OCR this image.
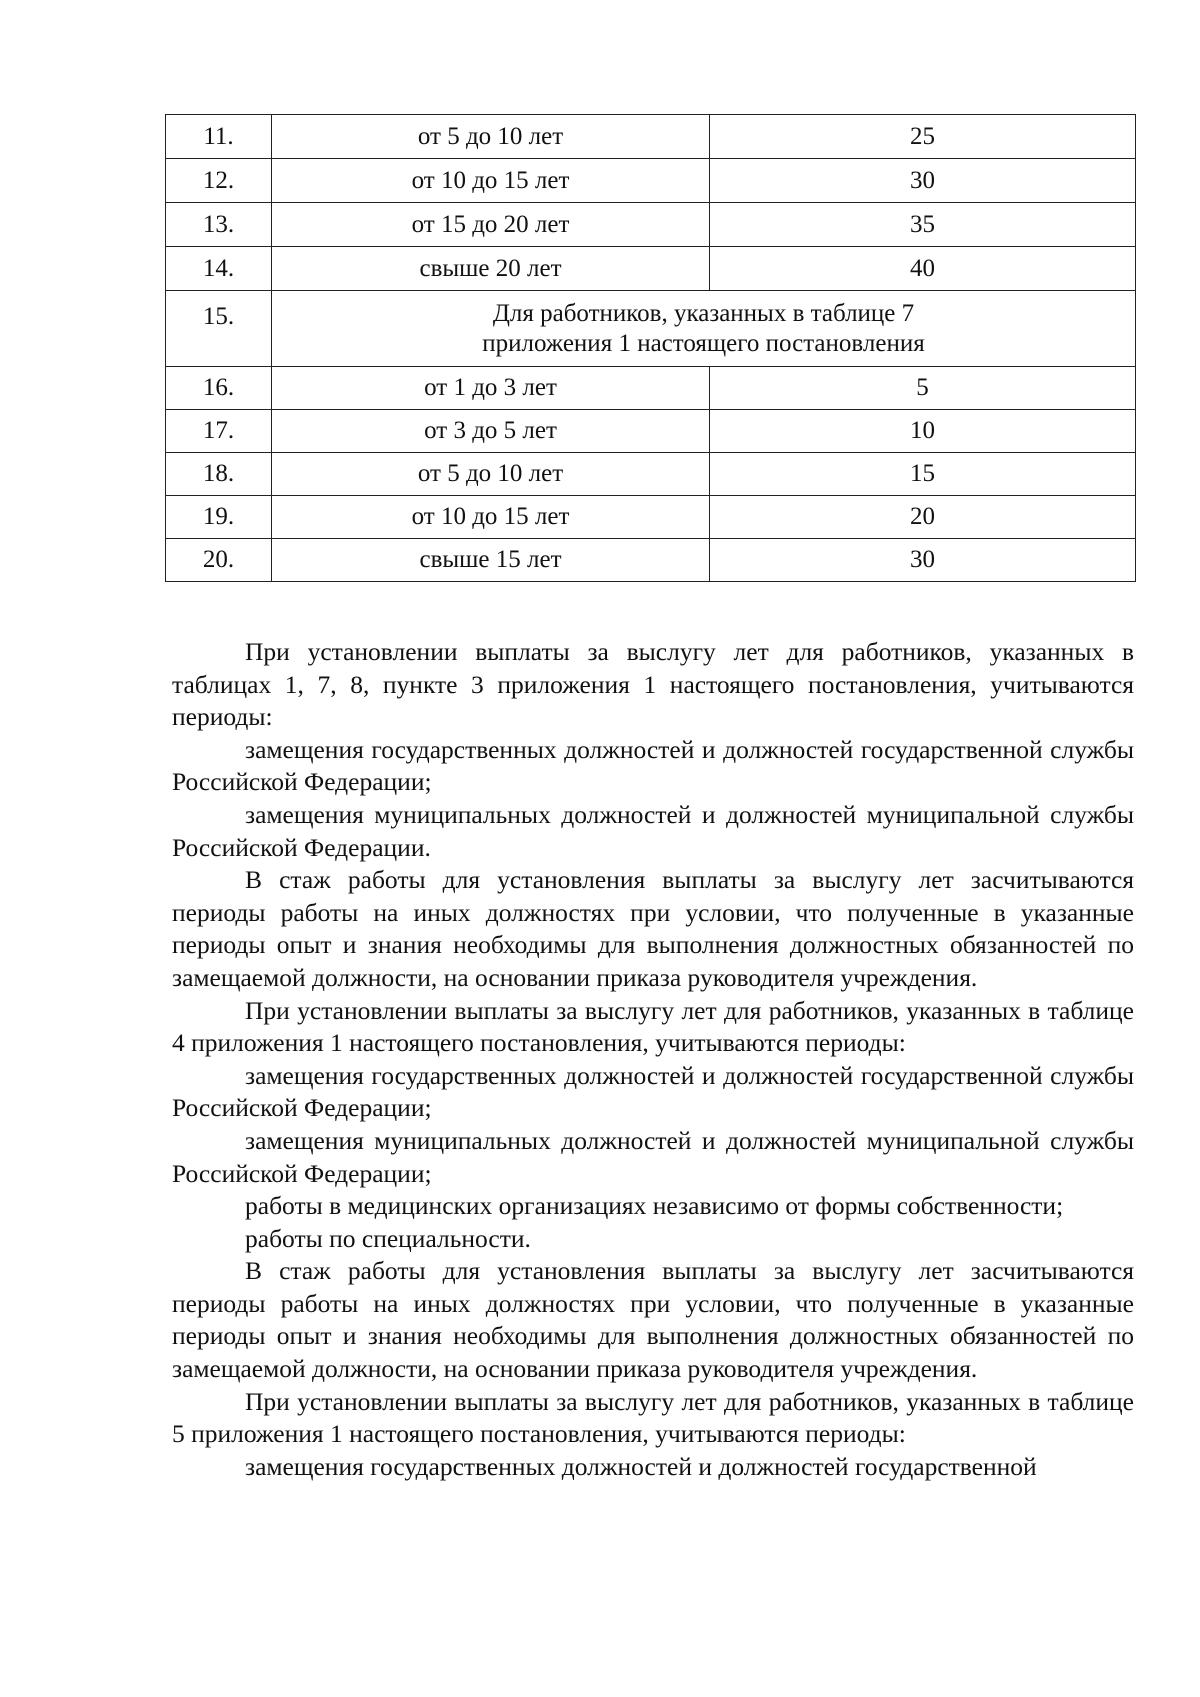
11.	от 5 до 10 лет	25
12.	от 10 до 15 лет	30
13.	от 15 до 20 лет	35
14.	свыше 20 лет	40
15.	Для работников, указанных в таблице 7
приложения 1 настоящего постановления	
16.	от 1 до 3 лет	5
17.	от 3 до 5 лет	10
18.	от 5 до 10 лет	15
19.	от 10 до 15 лет	20
20.	свыше 15 лет	30

При установлении выплаты за выслугу лет для работников, указанных в таблицах 1, 7, 8, пункте 3 приложения 1 настоящего постановления, учитываются периоды:

замещения государственных должностей и должностей государственной службы Российской Федерации;

замещения муниципальных должностей и должностей муниципальной службы Российской Федерации.

В стаж работы для установления выплаты за выслугу лет засчитываются периоды работы на иных должностях при условии, что полученные в указанные периоды опыт и знания необходимы для выполнения должностных обязанностей по замещаемой должности, на основании приказа руководителя учреждения.

При установлении выплаты за выслугу лет для работников, указанных в таблице 4 приложения 1 настоящего постановления, учитываются периоды:

замещения государственных должностей и должностей государственной службы Российской Федерации;

замещения муниципальных должностей и должностей муниципальной службы Российской Федерации;

работы в медицинских организациях независимо от формы собственности;

работы по специальности.

В стаж работы для установления выплаты за выслугу лет засчитываются периоды работы на иных должностях при условии, что полученные в указанные периоды опыт и знания необходимы для выполнения должностных обязанностей по замещаемой должности, на основании приказа руководителя учреждения.

При установлении выплаты за выслугу лет для работников, указанных в таблице 5 приложения 1 настоящего постановления, учитываются периоды:

замещения государственных должностей и должностей государственной
